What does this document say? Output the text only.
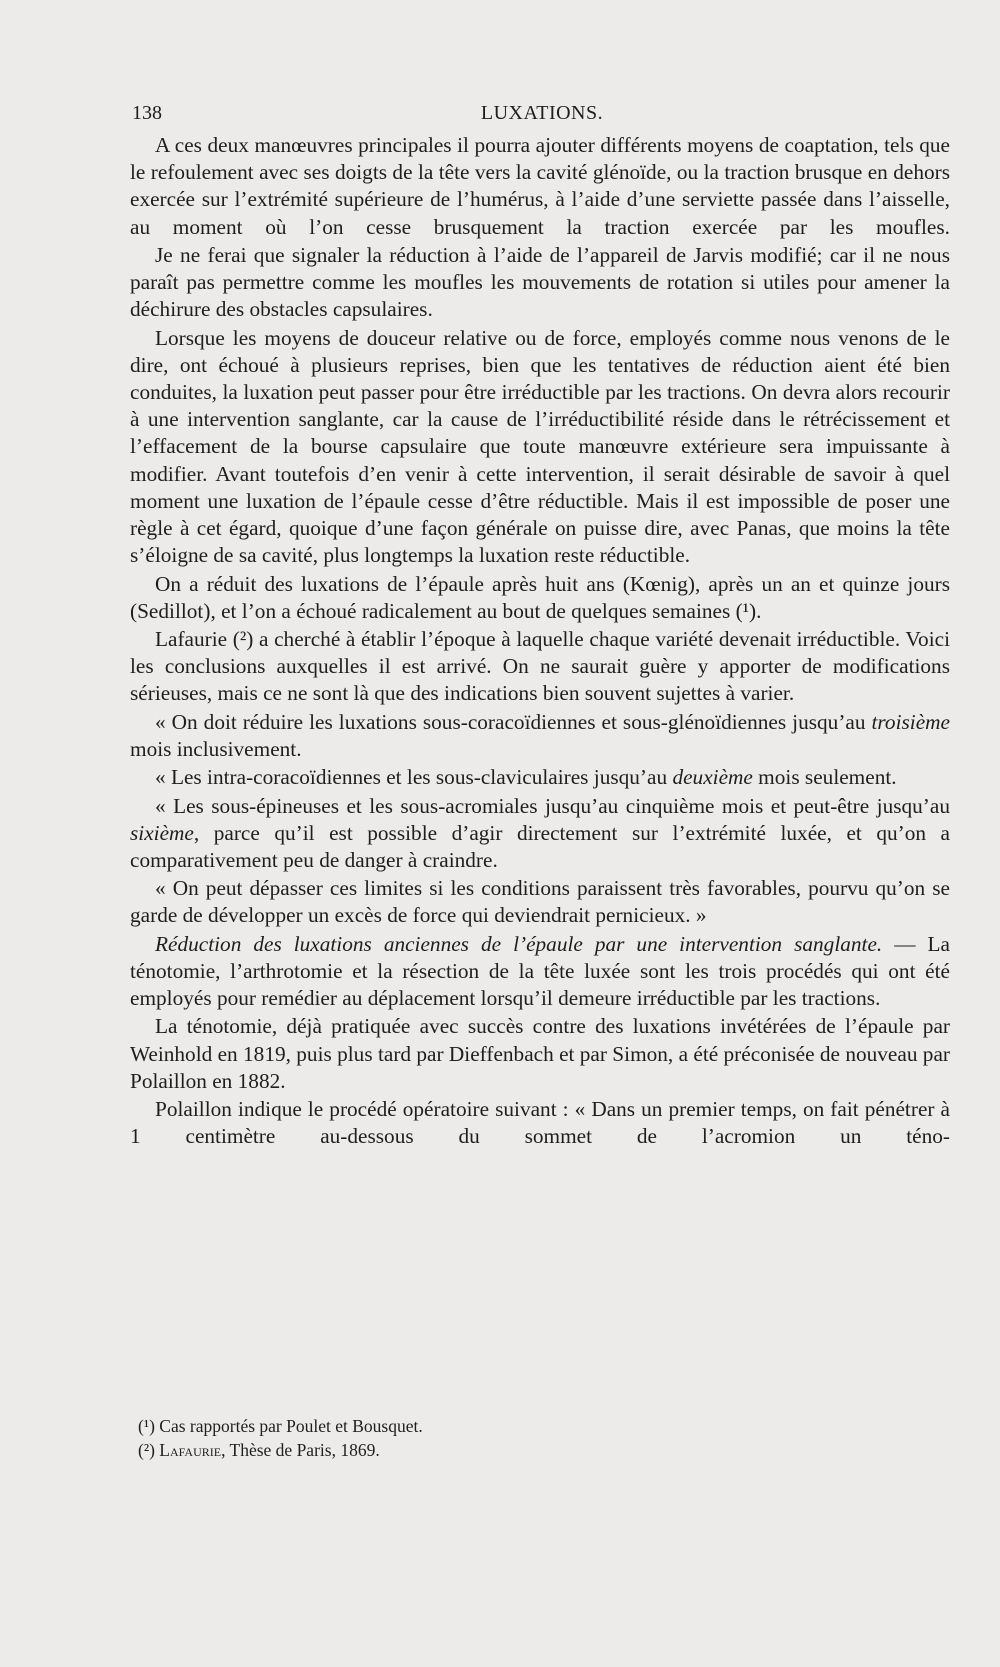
138	LUXATIONS.

A ces deux manœuvres principales il pourra ajouter différents moyens de coaptation, tels que le refoulement avec ses doigts de la tête vers la cavité glénoïde, ou la traction brusque en dehors exercée sur l’extrémité supérieure de l’humérus, à l’aide d’une serviette passée dans l’aisselle, au moment où l’on cesse brusquement la traction exercée par les moufles.

Je ne ferai que signaler la réduction à l’aide de l’appareil de Jarvis modifié; car il ne nous paraît pas permettre comme les moufles les mouvements de rotation si utiles pour amener la déchirure des obstacles capsulaires.

Lorsque les moyens de douceur relative ou de force, employés comme nous venons de le dire, ont échoué à plusieurs reprises, bien que les tentatives de réduction aient été bien conduites, la luxation peut passer pour être irréductible par les tractions. On devra alors recourir à une intervention sanglante, car la cause de l’irréductibilité réside dans le rétrécissement et l’effacement de la bourse capsulaire que toute manœuvre extérieure sera impuissante à modifier. Avant toutefois d’en venir à cette intervention, il serait désirable de savoir à quel moment une luxation de l’épaule cesse d’être réductible. Mais il est impossible de poser une règle à cet égard, quoique d’une façon générale on puisse dire, avec Panas, que moins la tête s’éloigne de sa cavité, plus longtemps la luxation reste réductible.

On a réduit des luxations de l’épaule après huit ans (Kœnig), après un an et quinze jours (Sedillot), et l’on a échoué radicalement au bout de quelques semaines (¹).

Lafaurie (²) a cherché à établir l’époque à laquelle chaque variété devenait irréductible. Voici les conclusions auxquelles il est arrivé. On ne saurait guère y apporter de modifications sérieuses, mais ce ne sont là que des indications bien souvent sujettes à varier.

« On doit réduire les luxations sous-coracoïdiennes et sous-glénoïdiennes jusqu’au troisième mois inclusivement.

« Les intra-coracoïdiennes et les sous-claviculaires jusqu’au deuxième mois seulement.

« Les sous-épineuses et les sous-acromiales jusqu’au cinquième mois et peut-être jusqu’au sixième, parce qu’il est possible d’agir directement sur l’extrémité luxée, et qu’on a comparativement peu de danger à craindre.

« On peut dépasser ces limites si les conditions paraissent très favorables, pourvu qu’on se garde de développer un excès de force qui deviendrait pernicieux. »

Réduction des luxations anciennes de l’épaule par une intervention sanglante. — La ténotomie, l’arthrotomie et la résection de la tête luxée sont les trois procédés qui ont été employés pour remédier au déplacement lorsqu’il demeure irréductible par les tractions.

La ténotomie, déjà pratiquée avec succès contre des luxations invétérées de l’épaule par Weinhold en 1819, puis plus tard par Dieffenbach et par Simon, a été préconisée de nouveau par Polaillon en 1882.

Polaillon indique le procédé opératoire suivant : « Dans un premier temps, on fait pénétrer à 1 centimètre au-dessous du sommet de l’acromion un téno-

(¹) Cas rapportés par Poulet et Bousquet.
(²) Lafaurie, Thèse de Paris, 1869.
